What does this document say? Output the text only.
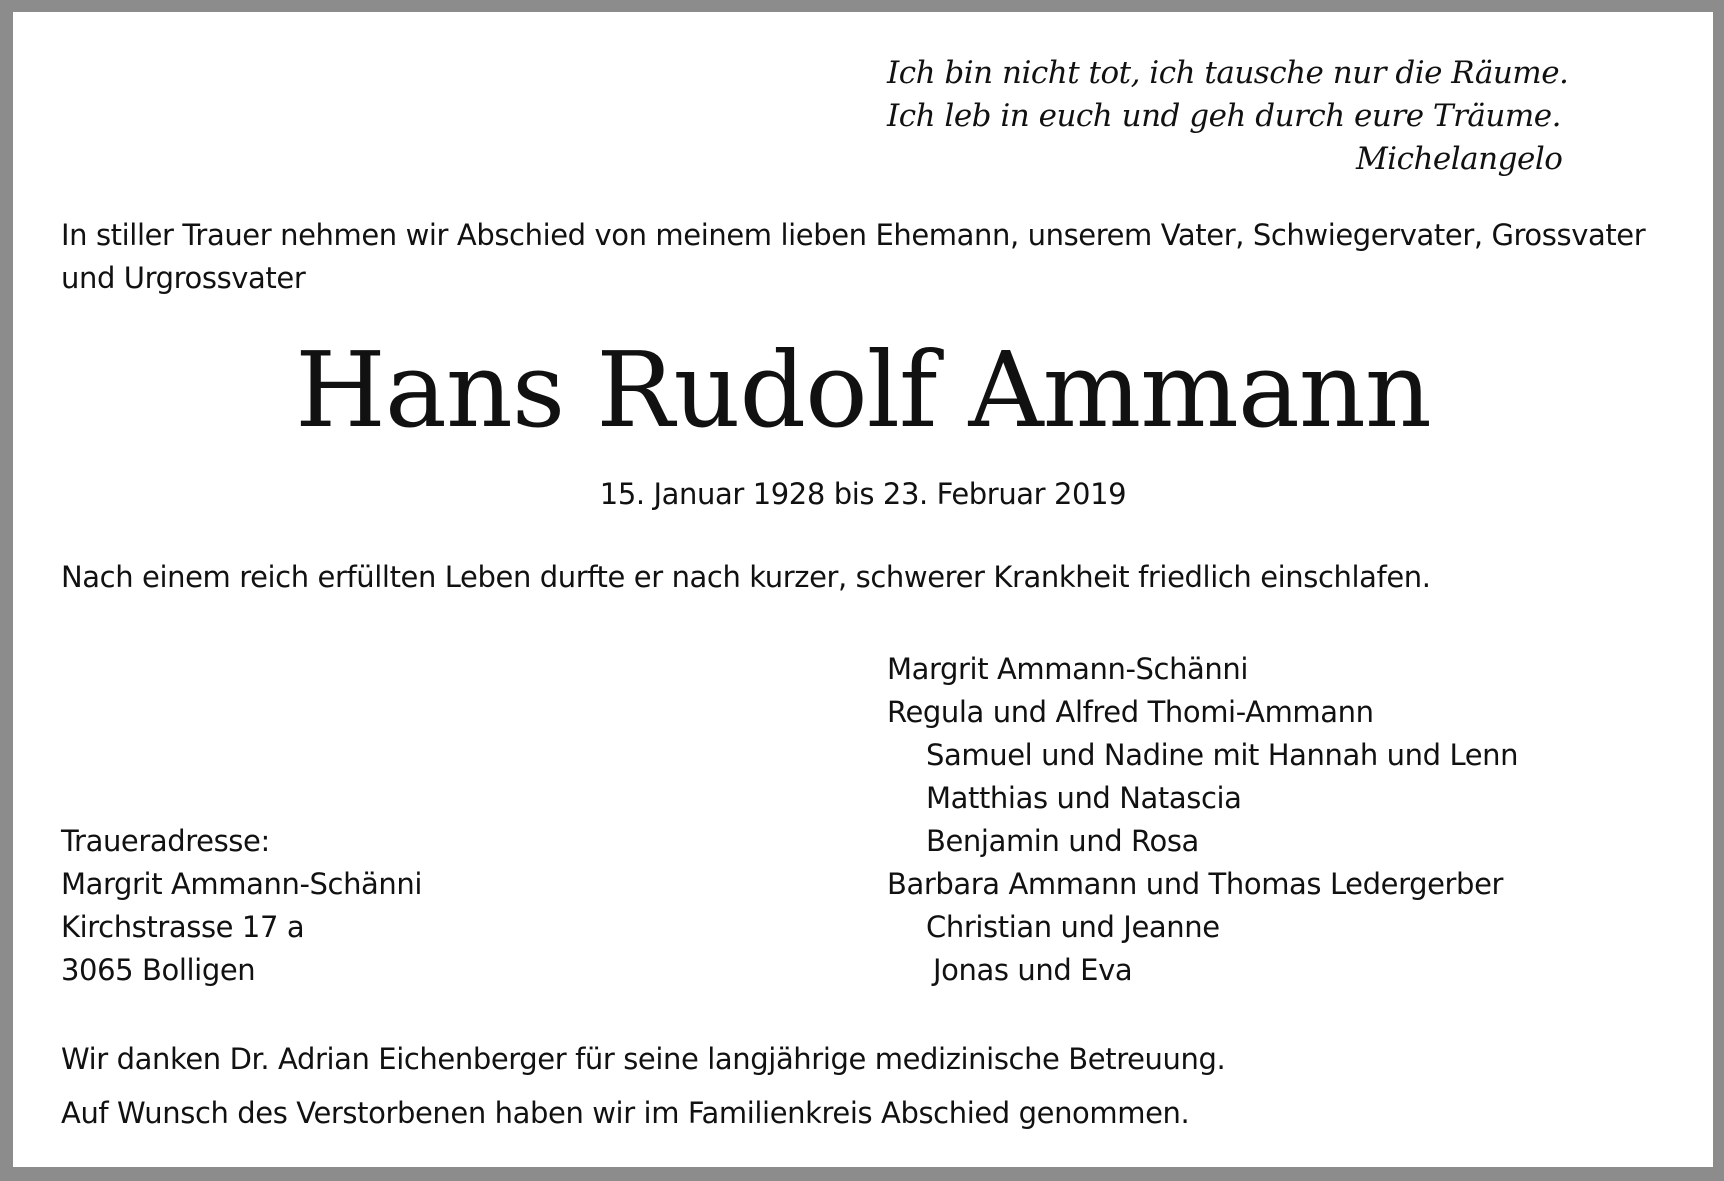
Ich bin nicht tot, ich tausche nur die Räume.
Ich leb in euch und geh durch eure Träume.
Michelangelo
In stiller Trauer nehmen wir Abschied von meinem lieben Ehemann, unserem Vater, Schwiegervater, Grossvater und Urgrossvater
Hans Rudolf Ammann
15. Januar 1928 bis 23. Februar 2019
Nach einem reich erfüllten Leben durfte er nach kurzer, schwerer Krankheit friedlich einschlafen.
Margrit Ammann-Schänni
Regula und Alfred Thomi-Ammann
Samuel und Nadine mit Hannah und Lenn
Matthias und Natascia
Benjamin und Rosa
Barbara Ammann und Thomas Ledergerber
Christian und Jeanne
Jonas und Eva
Traueradresse:
Margrit Ammann-Schänni
Kirchstrasse 17 a
3065 Bolligen
Wir danken Dr. Adrian Eichenberger für seine langjährige medizinische Betreuung.
Auf Wunsch des Verstorbenen haben wir im Familienkreis Abschied genommen.
